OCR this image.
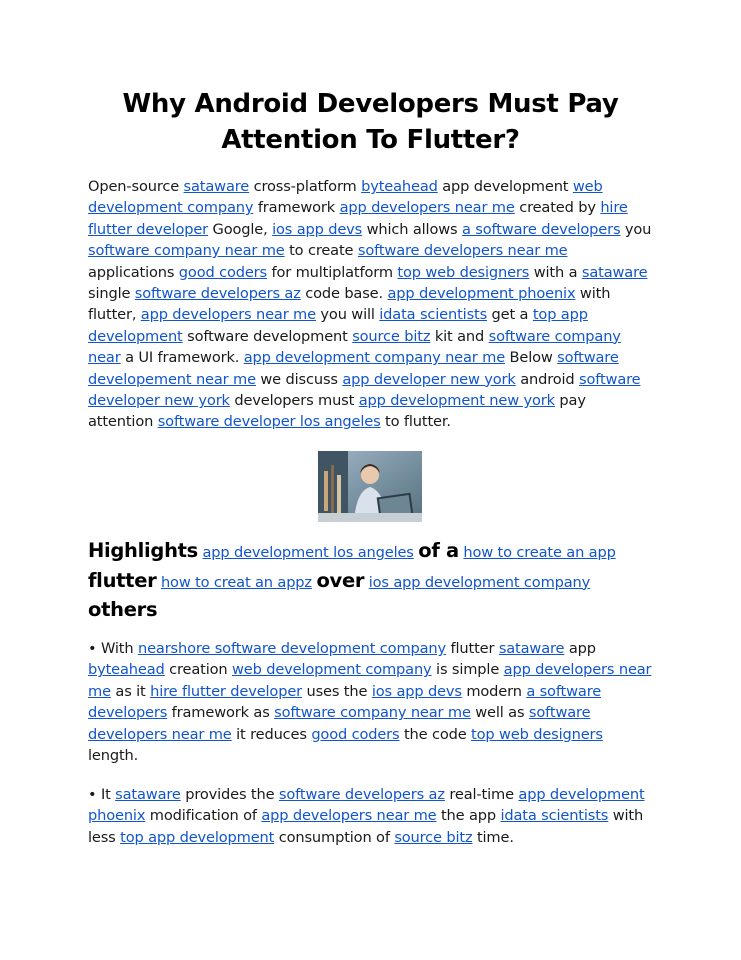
Why Android Developers Must Pay Attention To Flutter?
Open-source sataware cross-platform byteahead app development web development company framework app developers near me created by hire flutter developer Google, ios app devs which allows a software developers you software company near me to create software developers near me applications good coders for multiplatform top web designers with a sataware single software developers az code base. app development phoenix with flutter, app developers near me you will idata scientists get a top app development software development source bitz kit and software company near a UI framework. app development company near me Below software developement near me we discuss app developer new york android software developer new york developers must app development new york pay attention software developer los angeles to flutter.
Highlights app development los angeles of a how to create an app flutter how to creat an appz over ios app development company others
• With nearshore software development company flutter sataware app byteahead creation web development company is simple app developers near me as it hire flutter developer uses the ios app devs modern a software developers framework as software company near me well as software developers near me it reduces good coders the code top web designers length.
• It sataware provides the software developers az real-time app development phoenix modification of app developers near me the app idata scientists with less top app development consumption of source bitz time.
